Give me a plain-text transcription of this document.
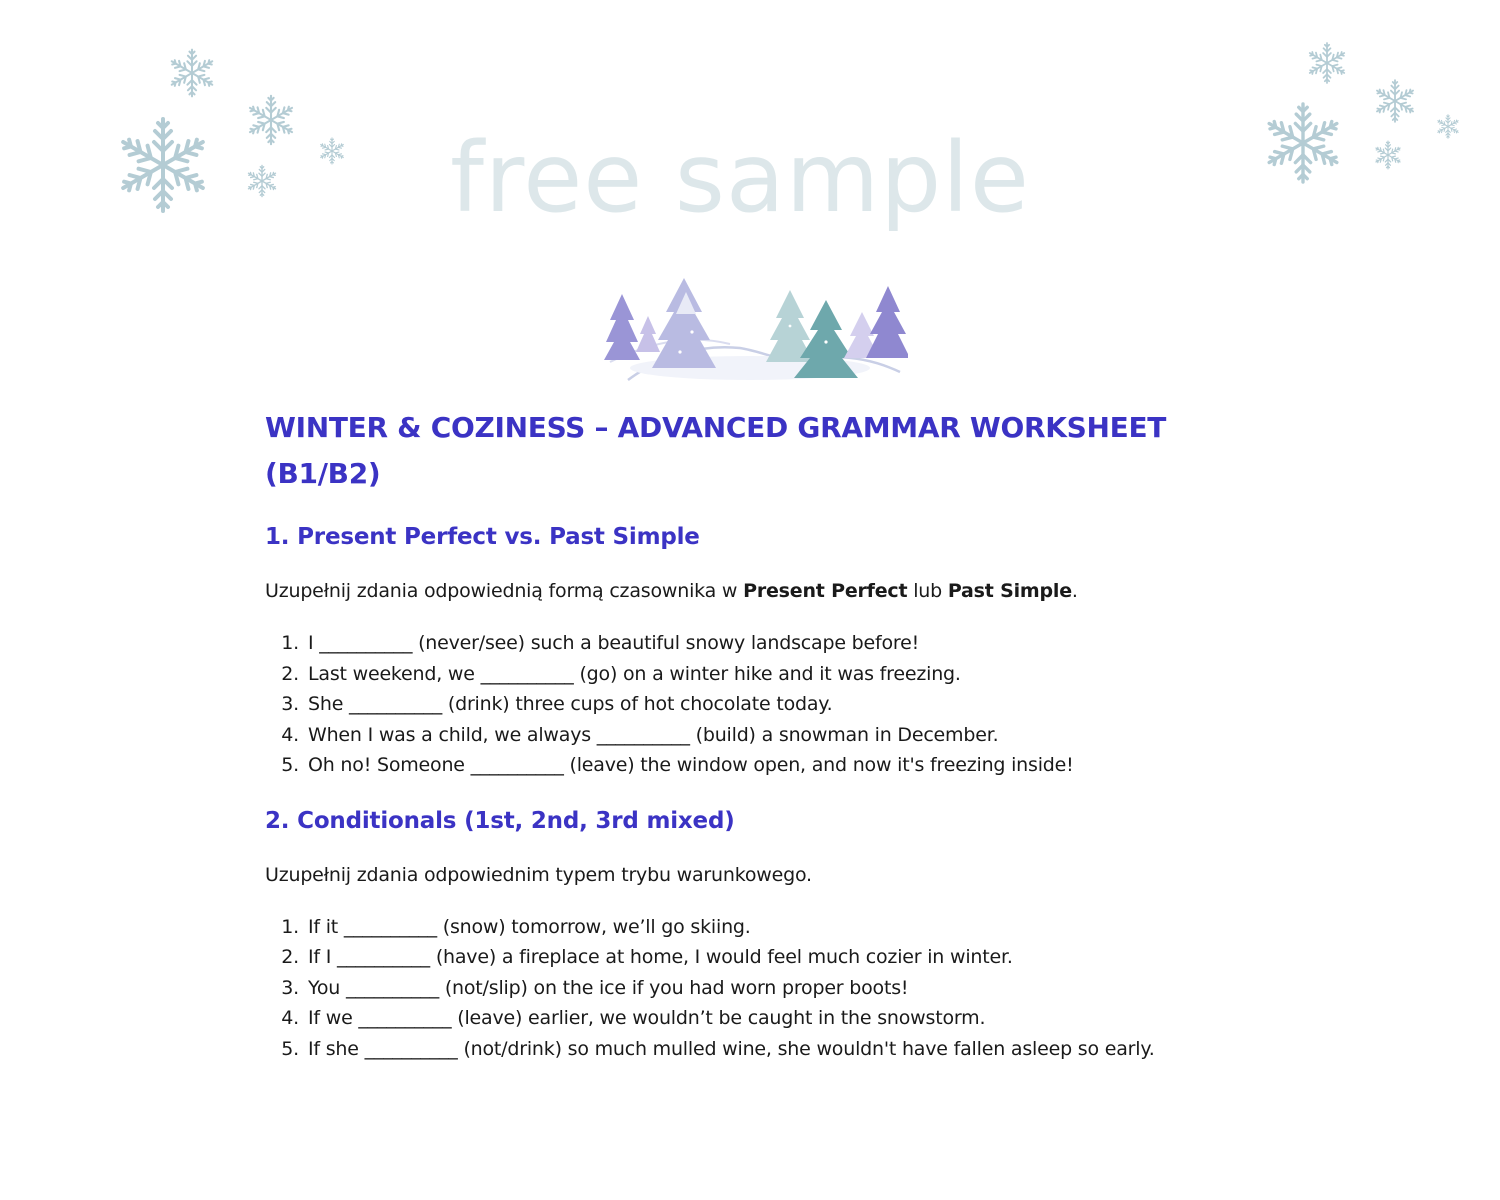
free sample
WINTER & COZINESS – ADVANCED GRAMMAR WORKSHEET (B1/B2)
1. Present Perfect vs. Past Simple

Uzupełnij zdania odpowiednią formą czasownika w Present Perfect lub Past Simple.

1. I __________ (never/see) such a beautiful snowy landscape before!
2. Last weekend, we __________ (go) on a winter hike and it was freezing.
3. She __________ (drink) three cups of hot chocolate today.
4. When I was a child, we always __________ (build) a snowman in December.
5. Oh no! Someone __________ (leave) the window open, and now it's freezing inside!
2. Conditionals (1st, 2nd, 3rd mixed)

Uzupełnij zdania odpowiednim typem trybu warunkowego.

1. If it __________ (snow) tomorrow, we’ll go skiing.
2. If I __________ (have) a fireplace at home, I would feel much cozier in winter.
3. You __________ (not/slip) on the ice if you had worn proper boots!
4. If we __________ (leave) earlier, we wouldn’t be caught in the snowstorm.
5. If she __________ (not/drink) so much mulled wine, she wouldn't have fallen asleep so early.
